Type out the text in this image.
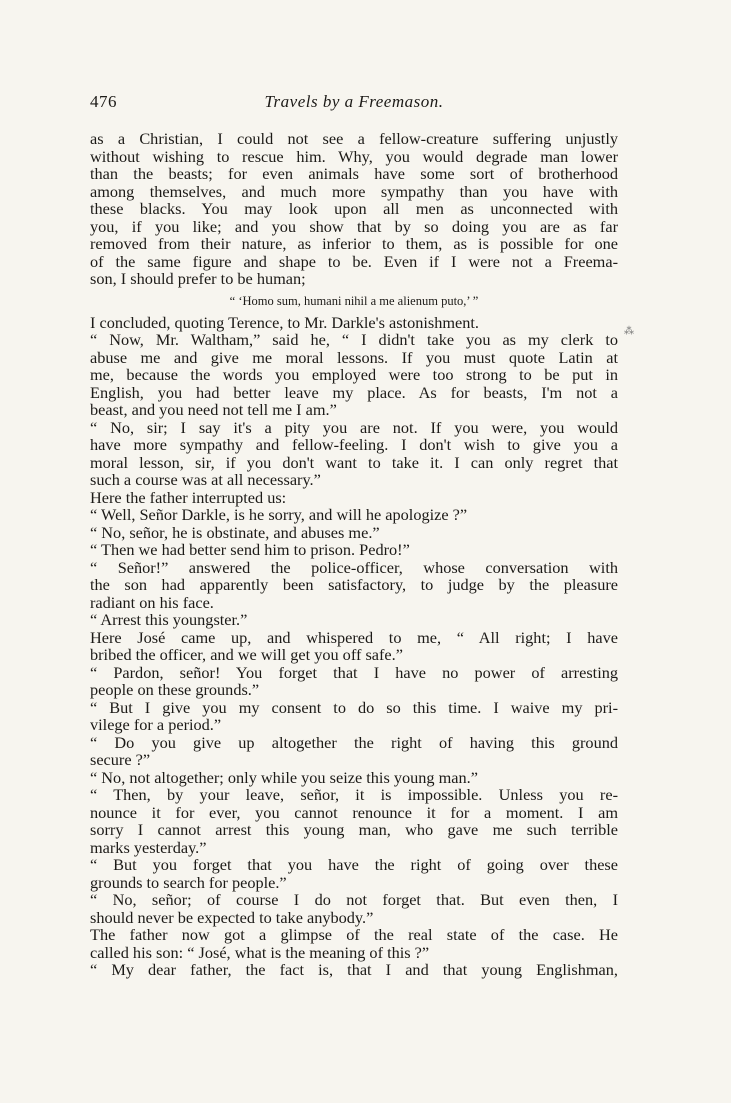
476	Travels by a Freemason.
as a Christian, I could not see a fellow-creature suffering unjustly
without wishing to rescue him. Why, you would degrade man lower
than the beasts; for even animals have some sort of brotherhood
among themselves, and much more sympathy than you have with
these blacks. You may look upon all men as unconnected with
you, if you like; and you show that by so doing you are as far
removed from their nature, as inferior to them, as is possible for one
of the same figure and shape to be. Even if I were not a Freema-
son, I should prefer to be human;
“ ‘Homo sum, humani nihil a me alienum puto,’ ”
I concluded, quoting Terence, to Mr. Darkle's astonishment.
“ Now, Mr. Waltham,” said he, “ I didn't take you as my clerk to
abuse me and give me moral lessons. If you must quote Latin at
me, because the words you employed were too strong to be put in
English, you had better leave my place. As for beasts, I'm not a
beast, and you need not tell me I am.”
“ No, sir; I say it's a pity you are not. If you were, you would
have more sympathy and fellow-feeling. I don't wish to give you a
moral lesson, sir, if you don't want to take it. I can only regret that
such a course was at all necessary.”
Here the father interrupted us:
“ Well, Señor Darkle, is he sorry, and will he apologize ?”
“ No, señor, he is obstinate, and abuses me.”
“ Then we had better send him to prison. Pedro!”
“ Señor!” answered the police-officer, whose conversation with
the son had apparently been satisfactory, to judge by the pleasure
radiant on his face.
“ Arrest this youngster.”
Here José came up, and whispered to me, “ All right; I have
bribed the officer, and we will get you off safe.”
“ Pardon, señor! You forget that I have no power of arresting
people on these grounds.”
“ But I give you my consent to do so this time. I waive my pri-
vilege for a period.”
“ Do you give up altogether the right of having this ground
secure ?”
“ No, not altogether; only while you seize this young man.”
“ Then, by your leave, señor, it is impossible. Unless you re-
nounce it for ever, you cannot renounce it for a moment. I am
sorry I cannot arrest this young man, who gave me such terrible
marks yesterday.”
“ But you forget that you have the right of going over these
grounds to search for people.”
“ No, señor; of course I do not forget that. But even then, I
should never be expected to take anybody.”
The father now got a glimpse of the real state of the case. He
called his son: “ José, what is the meaning of this ?”
“ My dear father, the fact is, that I and that young Englishman,
⁂
